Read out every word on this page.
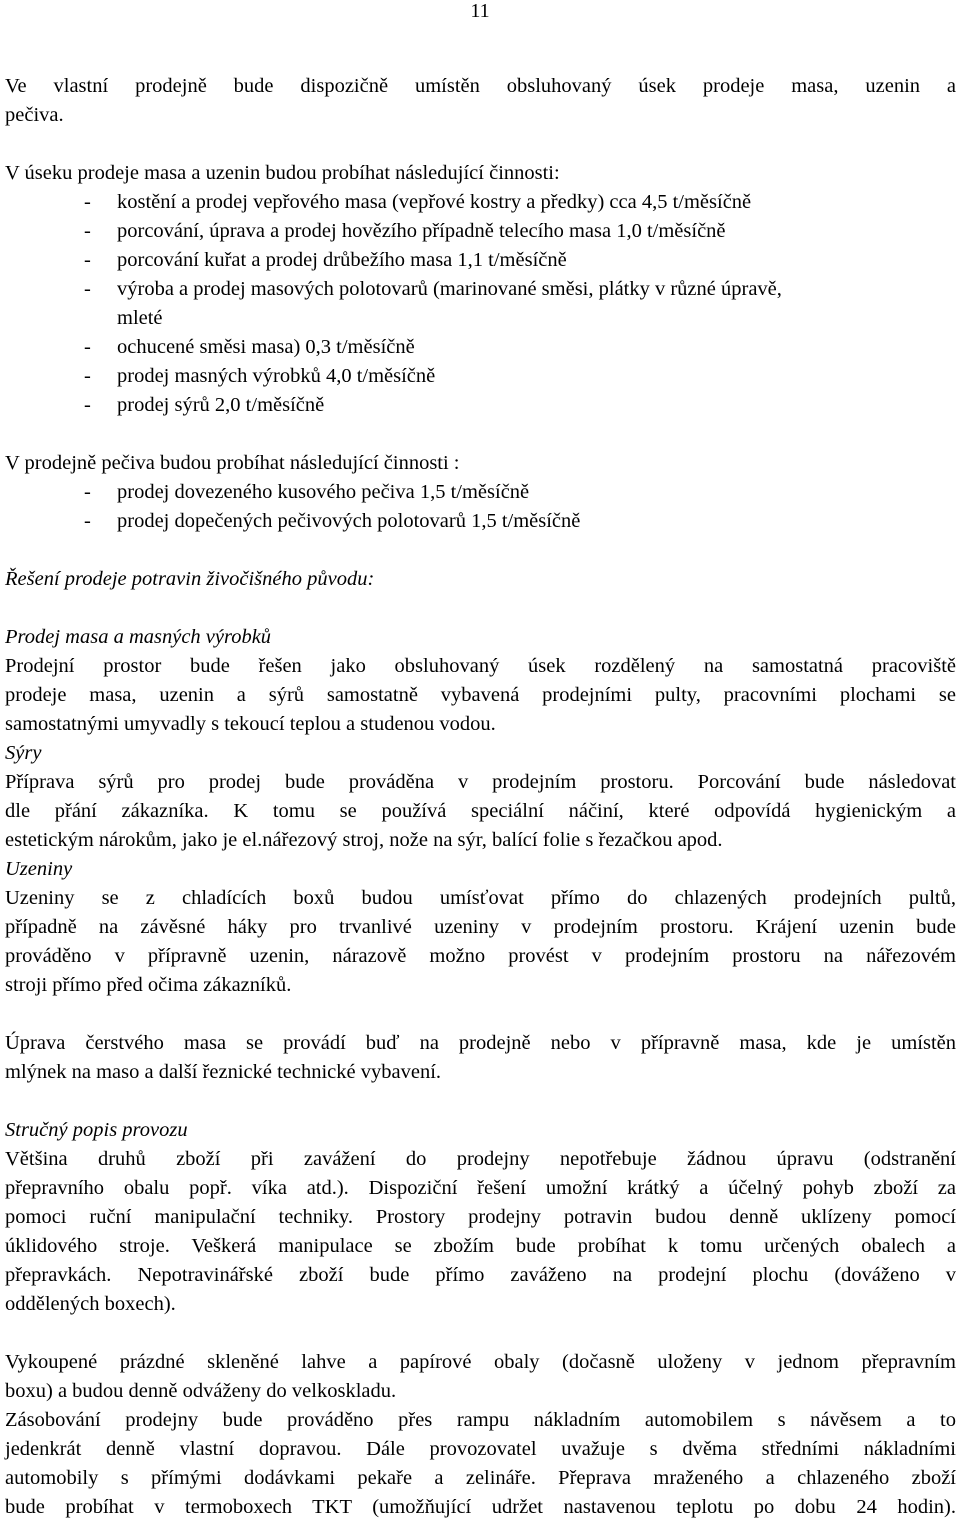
11

Ve vlastní prodejně bude dispozičně umístěn obsluhovaný úsek prodeje masa, uzenin a

pečiva.

V úseku prodeje masa a uzenin budou probíhat následující činnosti:

- kostění a prodej vepřového masa (vepřové kostry a předky) cca 4,5 t/měsíčně
- porcování, úprava a prodej hovězího případně telecího masa 1,0 t/měsíčně
- porcování kuřat a prodej drůbežího masa 1,1 t/měsíčně
- výroba a prodej masových polotovarů (marinované směsi, plátky v různé úpravě,
mleté
- ochucené směsi masa) 0,3 t/měsíčně
- prodej masných výrobků 4,0 t/měsíčně
- prodej sýrů 2,0 t/měsíčně

V prodejně pečiva budou probíhat následující činnosti :

- prodej dovezeného kusového pečiva 1,5 t/měsíčně
- prodej dopečených pečivových polotovarů 1,5 t/měsíčně

Řešení prodeje potravin živočišného původu:

Prodej masa a masných výrobků

Prodejní prostor bude řešen jako obsluhovaný úsek rozdělený na samostatná pracoviště

prodeje masa, uzenin a sýrů samostatně vybavená prodejními pulty, pracovními plochami se

samostatnými umyvadly s tekoucí teplou a studenou vodou.

Sýry

Příprava sýrů pro prodej bude prováděna v prodejním prostoru. Porcování bude následovat

dle přání zákazníka. K tomu se používá speciální náčiní, které odpovídá hygienickým a

estetickým nárokům, jako je el.nářezový stroj, nože na sýr, balící folie s řezačkou apod.

Uzeniny

Uzeniny se z chladících boxů budou umísťovat přímo do chlazených prodejních pultů,

případně na závěsné háky pro trvanlivé uzeniny v prodejním prostoru. Krájení uzenin bude

prováděno v přípravně uzenin, nárazově možno provést v prodejním prostoru na nářezovém

stroji přímo před očima zákazníků.

Úprava čerstvého masa se provádí buď na prodejně nebo v přípravně masa, kde je umístěn

mlýnek na maso a další řeznické technické vybavení.

Stručný popis provozu

Většina druhů zboží při zavážení do prodejny nepotřebuje žádnou úpravu (odstranění

přepravního obalu popř. víka atd.). Dispoziční řešení umožní krátký a účelný pohyb zboží za

pomoci ruční manipulační techniky. Prostory prodejny potravin budou denně uklízeny pomocí

úklidového stroje. Veškerá manipulace se zbožím bude probíhat k tomu určených obalech a

přepravkách. Nepotravinářské zboží bude přímo zaváženo na prodejní plochu (dováženo v

oddělených boxech).

Vykoupené prázdné skleněné lahve a papírové obaly (dočasně uloženy v jednom přepravním

boxu) a budou denně odváženy do velkoskladu.

Zásobování prodejny bude prováděno přes rampu nákladním automobilem s návěsem a to

jedenkrát denně vlastní dopravou. Dále provozovatel uvažuje s dvěma středními nákladními

automobily s přímými dodávkami pekaře a zelináře. Přeprava mraženého a chlazeného zboží

bude probíhat v termoboxech TKT (umožňující udržet nastavenou teplotu po dobu 24 hodin).
